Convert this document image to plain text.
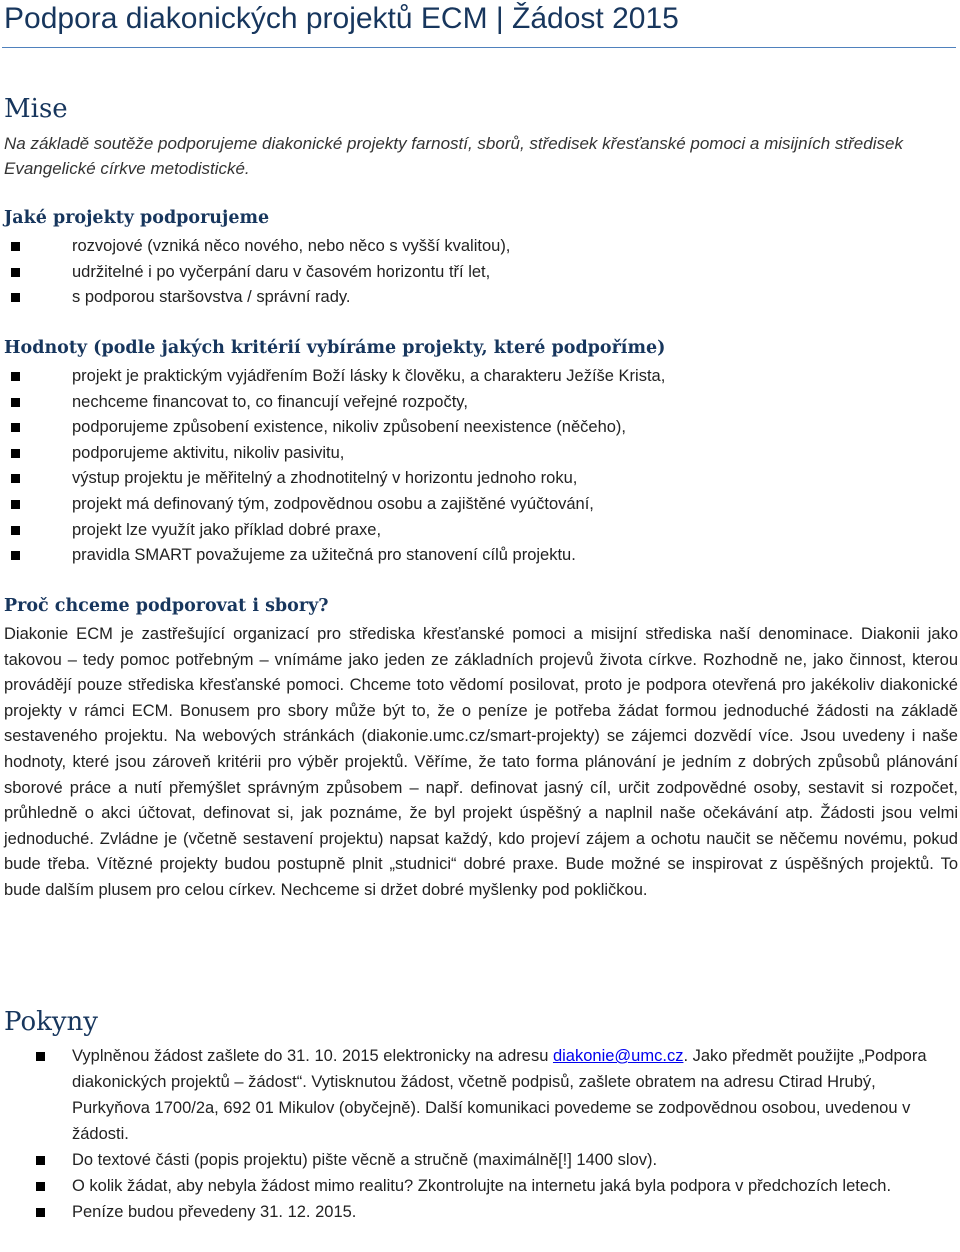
Podpora diakonických projektů ECM | Žádost 2015
Mise
Na základě soutěže podporujeme diakonické projekty farností, sborů, středisek křesťanské pomoci a misijních středisek Evangelické církve metodistické.
Jaké projekty podporujeme
rozvojové (vzniká něco nového, nebo něco s vyšší kvalitou),
udržitelné i po vyčerpání daru v časovém horizontu tří let,
s podporou staršovstva / správní rady.
Hodnoty (podle jakých kritérií vybíráme projekty, které podpoříme)
projekt je praktickým vyjádřením Boží lásky k člověku, a charakteru Ježíše Krista,
nechceme financovat to, co financují veřejné rozpočty,
podporujeme způsobení existence, nikoliv způsobení neexistence (něčeho),
podporujeme aktivitu, nikoliv pasivitu,
výstup projektu je měřitelný a zhodnotitelný v horizontu jednoho roku,
projekt má definovaný tým, zodpovědnou osobu a zajištěné vyúčtování,
projekt lze využít jako příklad dobré praxe,
pravidla SMART považujeme za užitečná pro stanovení cílů projektu.
Proč chceme podporovat i sbory?
Diakonie ECM je zastřešující organizací pro střediska křesťanské pomoci a misijní střediska naší denominace. Diakonii jako takovou – tedy pomoc potřebným – vnímáme jako jeden ze základních projevů života církve. Rozhodně ne, jako činnost, kterou provádějí pouze střediska křesťanské pomoci. Chceme toto vědomí posilovat, proto je podpora otevřená pro jakékoliv diakonické projekty v rámci ECM. Bonusem pro sbory může být to, že o peníze je potřeba žádat formou jednoduché žádosti na základě sestaveného projektu. Na webových stránkách (diakonie.umc.cz/smart-projekty) se zájemci dozvědí více. Jsou uvedeny i naše hodnoty, které jsou zároveň kritérii pro výběr projektů. Věříme, že tato forma plánování je jedním z dobrých způsobů plánování sborové práce a nutí přemýšlet správným způsobem – např. definovat jasný cíl, určit zodpovědné osoby, sestavit si rozpočet, průhledně o akci účtovat, definovat si, jak poznáme, že byl projekt úspěšný a naplnil naše očekávání atp. Žádosti jsou velmi jednoduché. Zvládne je (včetně sestavení projektu) napsat každý, kdo projeví zájem a ochotu naučit se něčemu novému, pokud bude třeba. Vítězné projekty budou postupně plnit „studnici“ dobré praxe. Bude možné se inspirovat z úspěšných projektů. To bude dalším plusem pro celou církev. Nechceme si držet dobré myšlenky pod pokličkou.
Pokyny
Vyplněnou žádost zašlete do 31. 10. 2015 elektronicky na adresu diakonie@umc.cz. Jako předmět použijte „Podpora diakonických projektů – žádost“. Vytisknutou žádost, včetně podpisů, zašlete obratem na adresu Ctirad Hrubý, Purkyňova 1700/2a, 692 01 Mikulov (obyčejně). Další komunikaci povedeme se zodpovědnou osobou, uvedenou v žádosti.
Do textové části (popis projektu) pište věcně a stručně (maximálně[!] 1400 slov).
O kolik žádat, aby nebyla žádost mimo realitu? Zkontrolujte na internetu jaká byla podpora v předchozích letech.
Peníze budou převedeny 31. 12. 2015.
